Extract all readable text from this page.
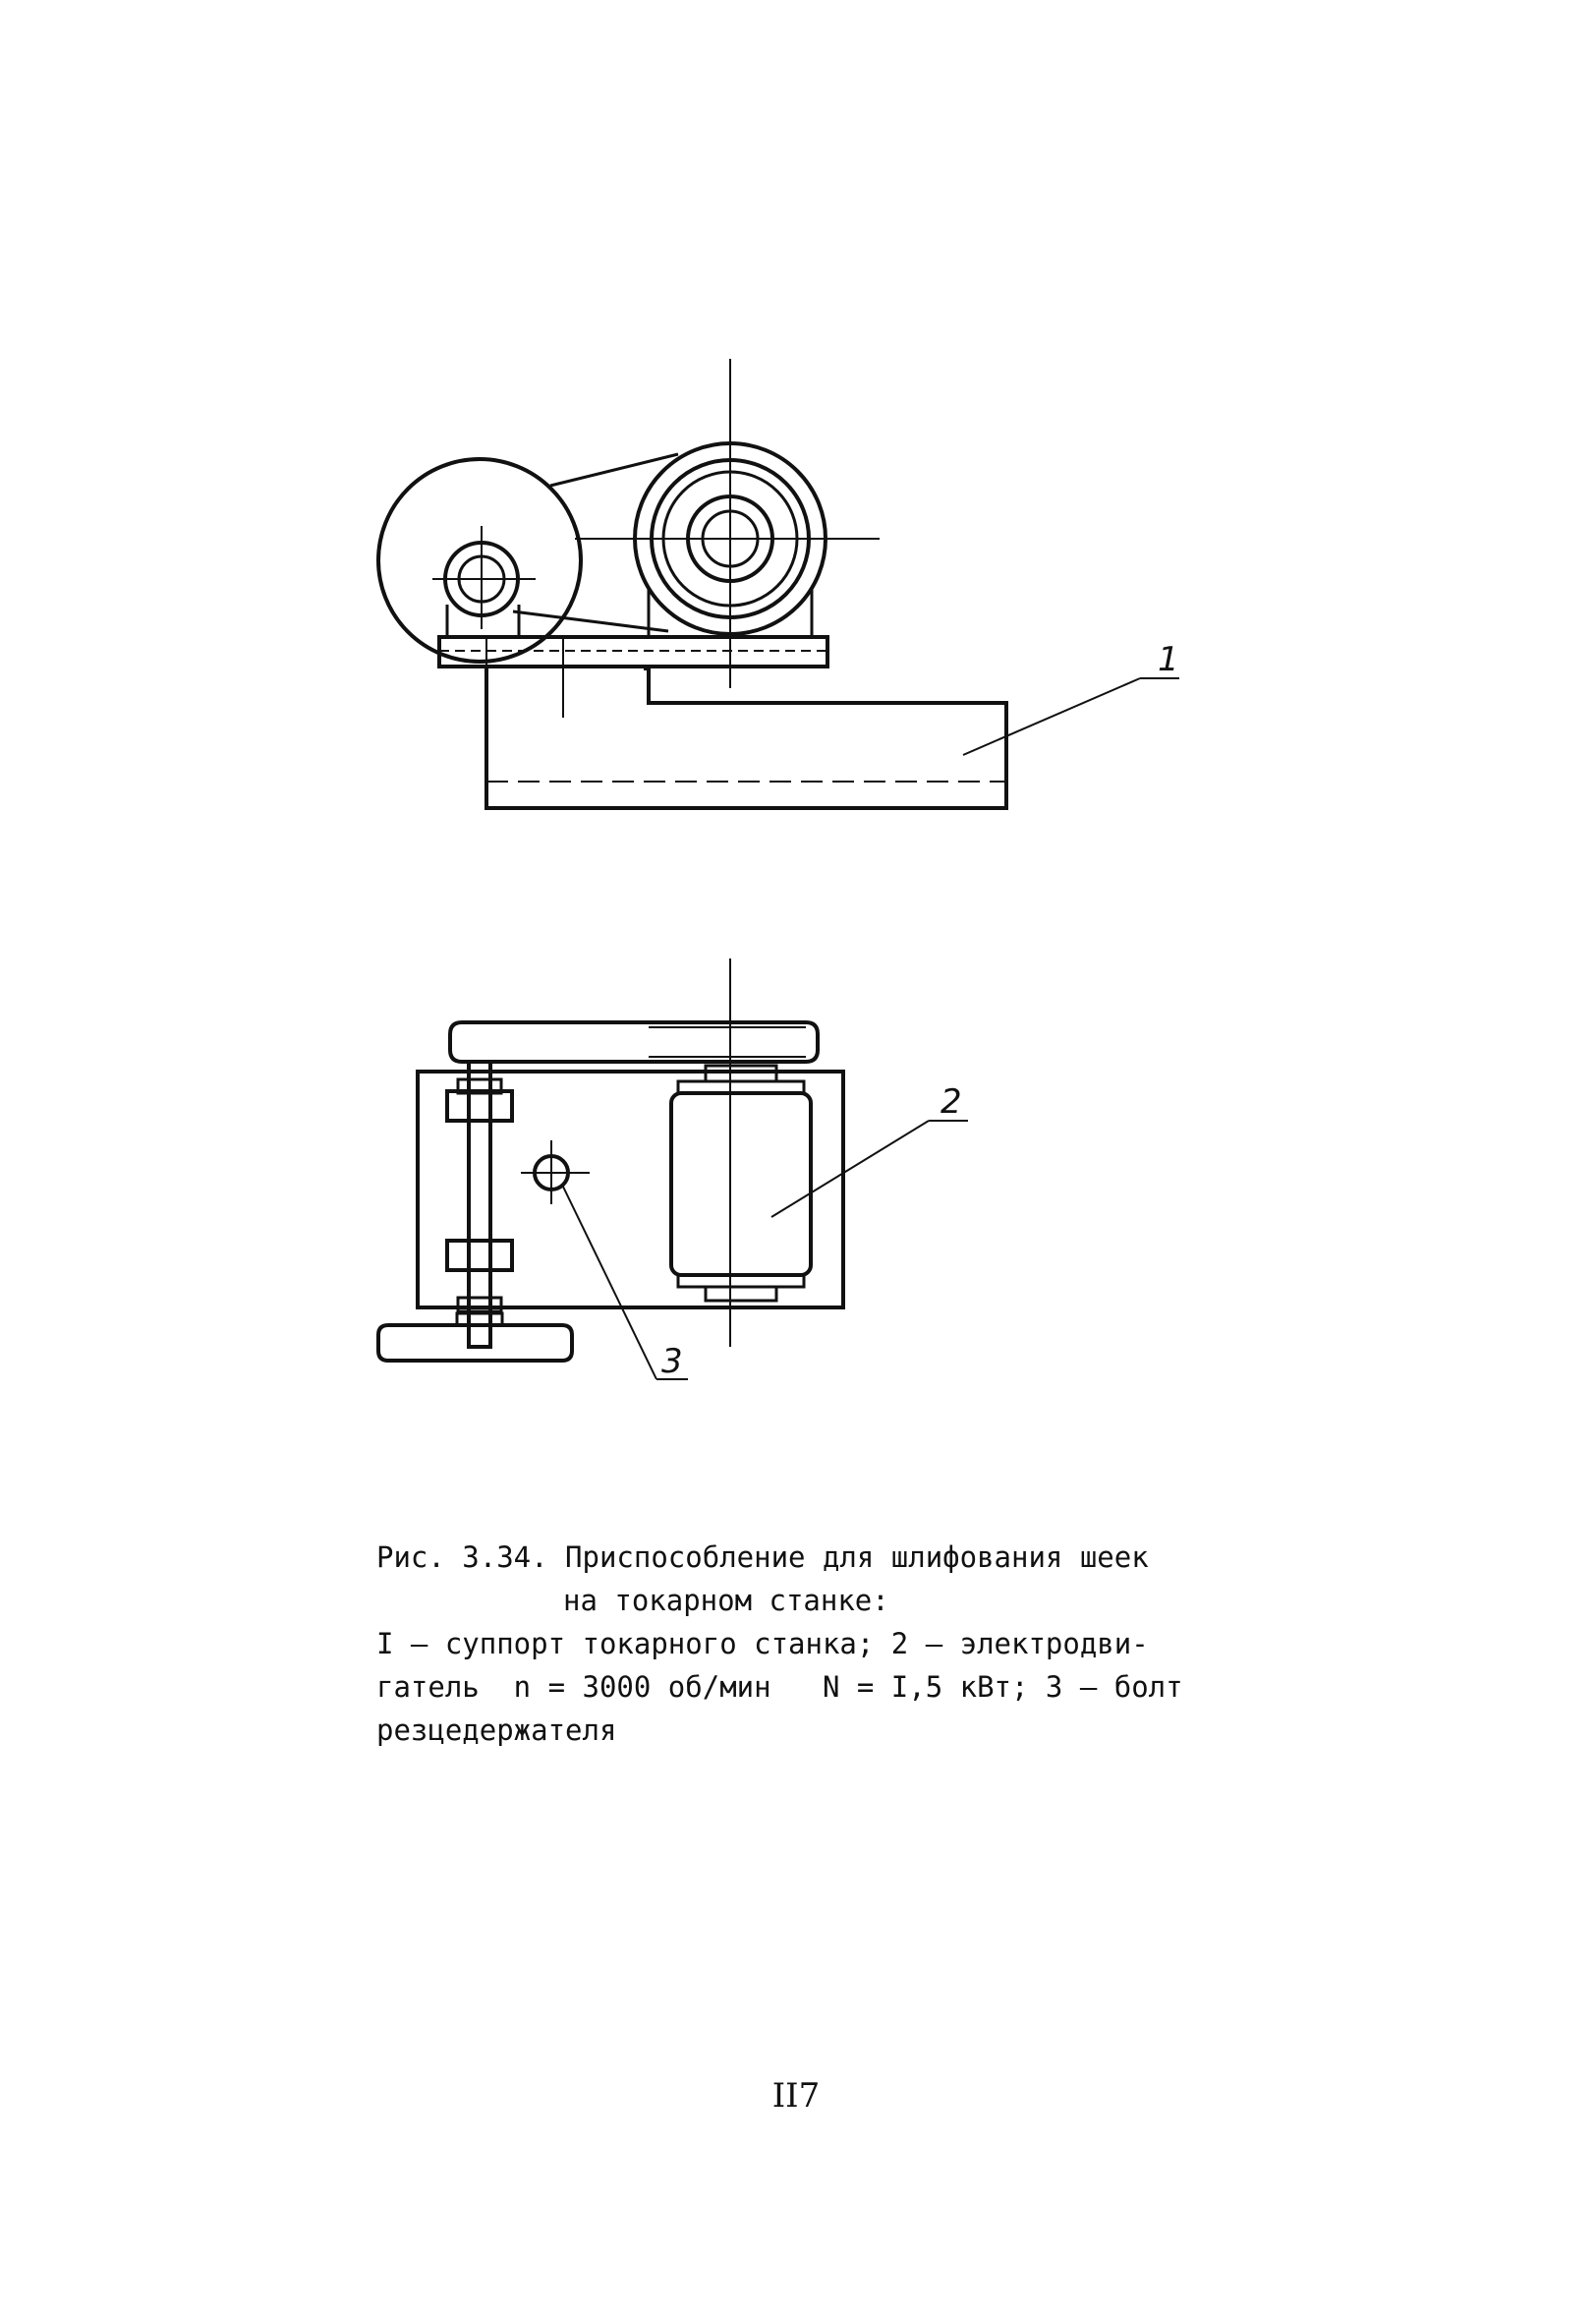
1
2
3
Рис. 3.34. Приспособление для шлифования шеек
на токарном станке:
I – суппорт токарного станка; 2 – электродви-
гатель  n = 3000 об/мин   N = I,5 кВт; 3 – болт
резцедержателя
II7
